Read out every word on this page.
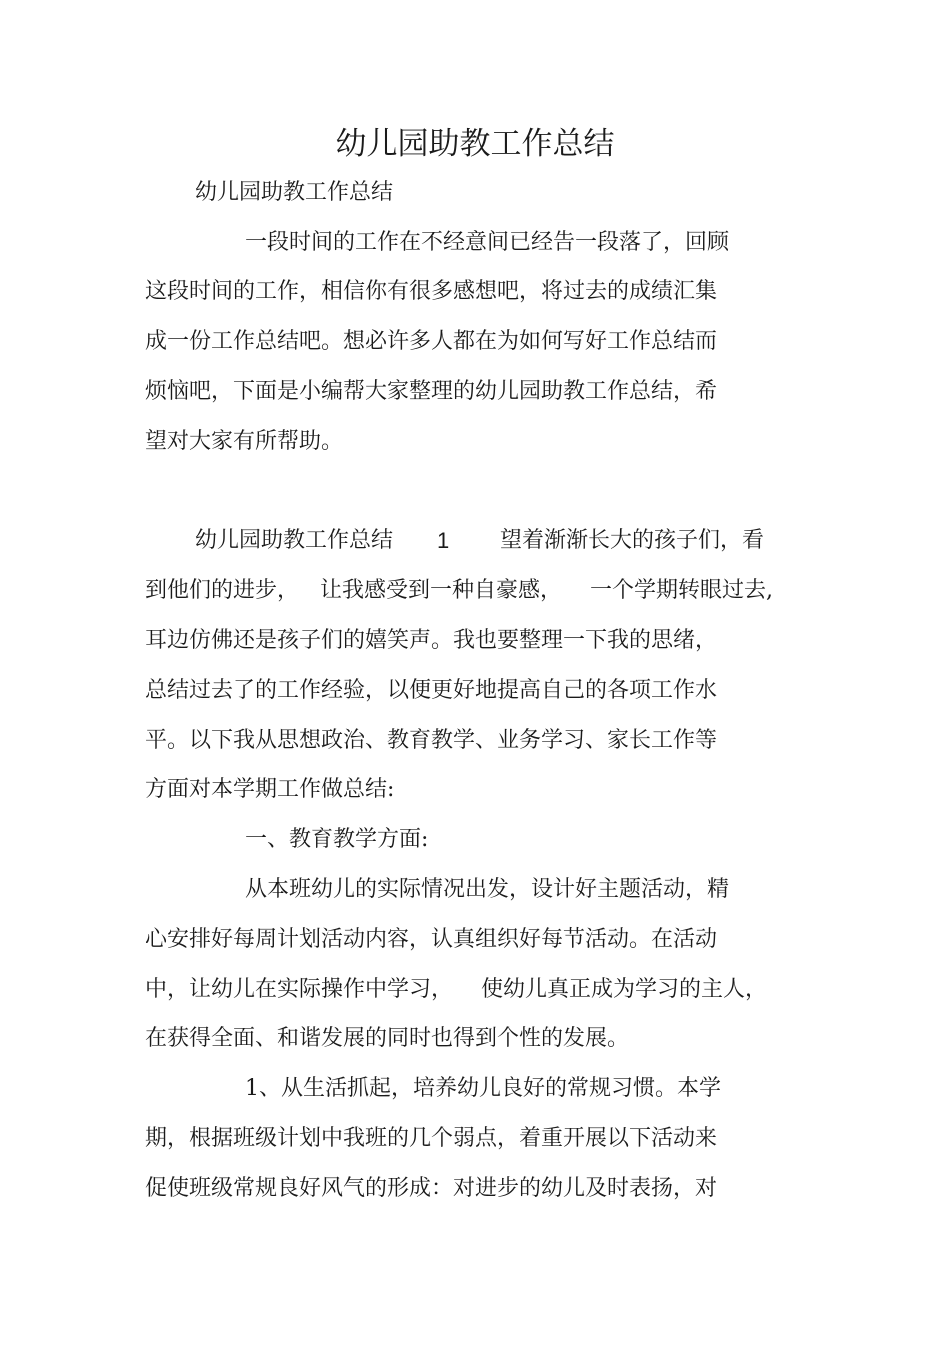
幼儿园助教工作总结
幼儿园助教工作总结
一段时间的工作在不经意间已经告一段落了，回顾
这段时间的工作，相信你有很多感想吧，将过去的成绩汇集
成一份工作总结吧。想必许多人都在为如何写好工作总结而
烦恼吧，下面是小编帮大家整理的幼儿园助教工作总结，希
望对大家有所帮助。
幼儿园助教工作总结 1 望着渐渐长大的孩子们，看
到他们的进步，   让我感受到一种自豪感，    一个学期转眼过去,
耳边仿佛还是孩子们的嬉笑声。我也要整理一下我的思绪，
总结过去了的工作经验，以便更好地提高自己的各项工作水
平。以下我从思想政治、教育教学、业务学习、家长工作等
方面对本学期工作做总结:
一、教育教学方面:
从本班幼儿的实际情况出发，设计好主题活动，精
心安排好每周计划活动内容，认真组织好每节活动。在活动
中，让幼儿在实际操作中学习，    使幼儿真正成为学习的主人，
在获得全面、和谐发展的同时也得到个性的发展。
1、从生活抓起，培养幼儿良好的常规习惯。本学
期，根据班级计划中我班的几个弱点，着重开展以下活动来
促使班级常规良好风气的形成：对进步的幼儿及时表扬，对
